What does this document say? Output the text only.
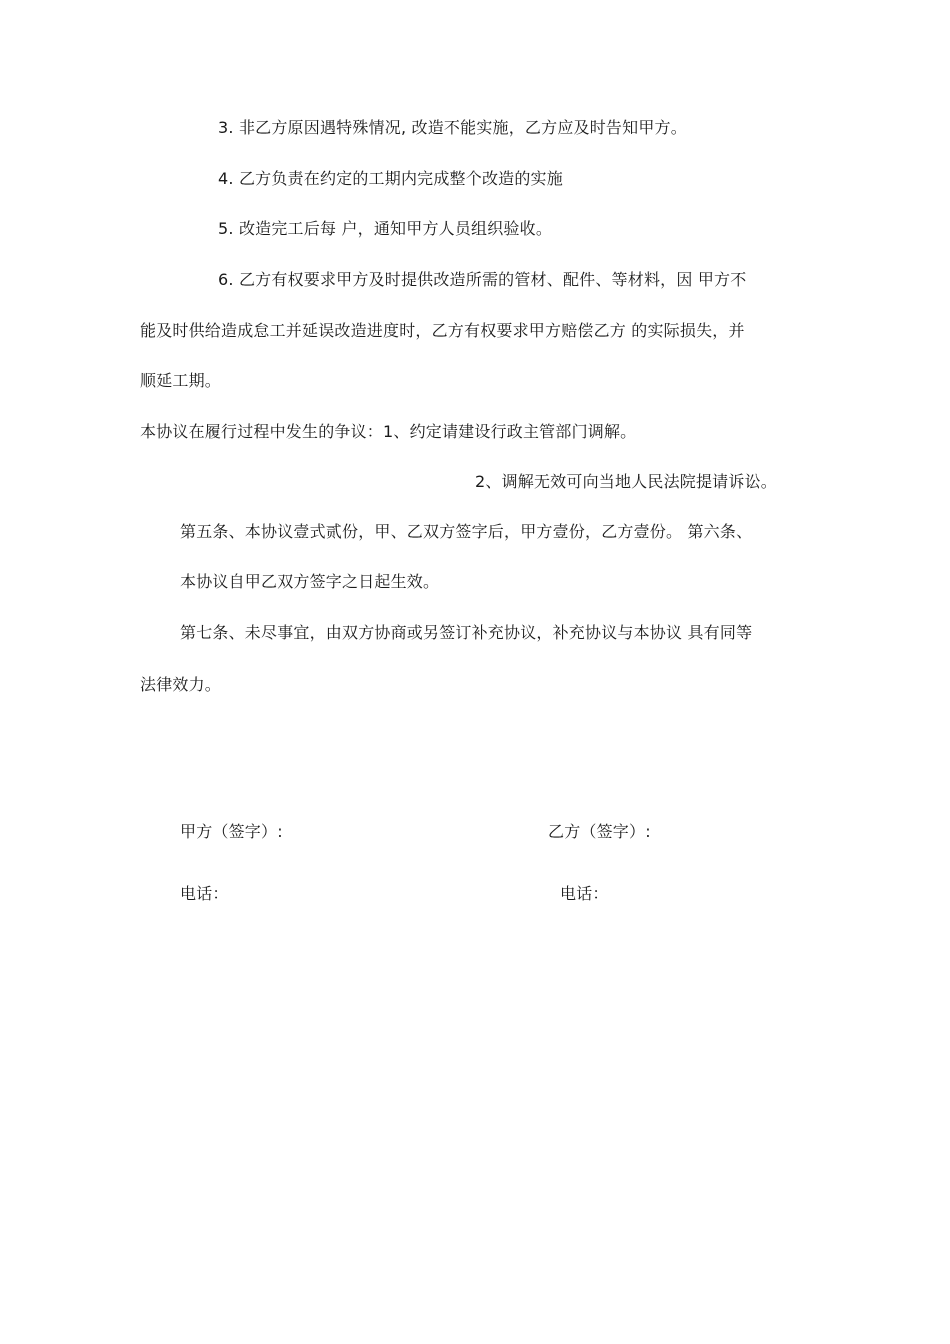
3. 非乙方原因遇特殊情况, 改造不能实施，乙方应及时告知甲方。
4. 乙方负责在约定的工期内完成整个改造的实施
5. 改造完工后每 户，通知甲方人员组织验收。
6. 乙方有权要求甲方及时提供改造所需的管材、配件、等材料，因 甲方不
能及时供给造成怠工并延误改造进度时，乙方有权要求甲方赔偿乙方 的实际损失，并
顺延工期。
本协议在履行过程中发生的争议：1、约定请建设行政主管部门调解。
2、调解无效可向当地人民法院提请诉讼。
第五条、本协议壹式贰份，甲、乙双方签字后，甲方壹份，乙方壹份。 第六条、
本协议自甲乙双方签字之日起生效。
第七条、未尽事宜，由双方协商或另签订补充协议，补充协议与本协议 具有同等
法律效力。
甲方（签字）:	乙方（签字）:
电话：	电话：
